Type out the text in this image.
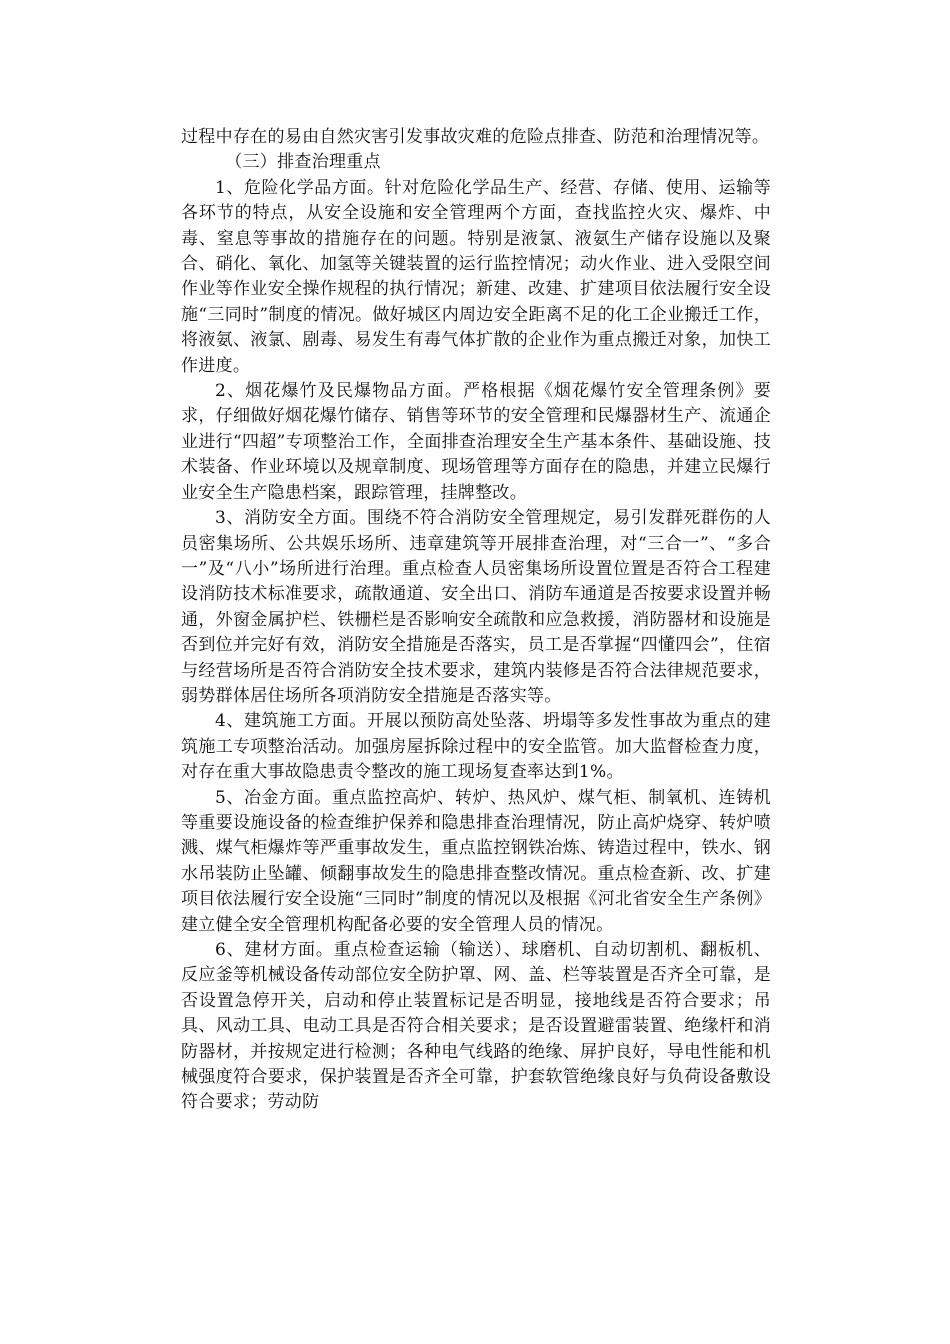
过程中存在的易由自然灾害引发事故灾难的危险点排查、防范和治理情况等。

（三）排查治理重点

1、危险化学品方面。针对危险化学品生产、经营、存储、使用、运输等各环节的特点，从安全设施和安全管理两个方面，查找监控火灾、爆炸、中毒、窒息等事故的措施存在的问题。特别是液氯、液氨生产储存设施以及聚合、硝化、氧化、加氢等关键装置的运行监控情况；动火作业、进入受限空间作业等作业安全操作规程的执行情况；新建、改建、扩建项目依法履行安全设施“三同时”制度的情况。做好城区内周边安全距离不足的化工企业搬迁工作，将液氨、液氯、剧毒、易发生有毒气体扩散的企业作为重点搬迁对象，加快工作进度。

2、烟花爆竹及民爆物品方面。严格根据《烟花爆竹安全管理条例》要求，仔细做好烟花爆竹储存、销售等环节的安全管理和民爆器材生产、流通企业进行“四超”专项整治工作，全面排查治理安全生产基本条件、基础设施、技术装备、作业环境以及规章制度、现场管理等方面存在的隐患，并建立民爆行业安全生产隐患档案，跟踪管理，挂牌整改。

3、消防安全方面。围绕不符合消防安全管理规定，易引发群死群伤的人员密集场所、公共娱乐场所、违章建筑等开展排查治理，对“三合一”、“多合一”及“八小”场所进行治理。重点检查人员密集场所设置位置是否符合工程建设消防技术标准要求，疏散通道、安全出口、消防车通道是否按要求设置并畅通，外窗金属护栏、铁栅栏是否影响安全疏散和应急救援，消防器材和设施是否到位并完好有效，消防安全措施是否落实，员工是否掌握“四懂四会”，住宿与经营场所是否符合消防安全技术要求，建筑内装修是否符合法律规范要求，弱势群体居住场所各项消防安全措施是否落实等。

4、建筑施工方面。开展以预防高处坠落、坍塌等多发性事故为重点的建筑施工专项整治活动。加强房屋拆除过程中的安全监管。加大监督检查力度，对存在重大事故隐患责令整改的施工现场复查率达到1%。

5、冶金方面。重点监控高炉、转炉、热风炉、煤气柜、制氧机、连铸机等重要设施设备的检查维护保养和隐患排查治理情况，防止高炉烧穿、转炉喷溅、煤气柜爆炸等严重事故发生，重点监控钢铁冶炼、铸造过程中，铁水、钢水吊装防止坠罐、倾翻事故发生的隐患排查整改情况。重点检查新、改、扩建项目依法履行安全设施“三同时”制度的情况以及根据《河北省安全生产条例》建立健全安全管理机构配备必要的安全管理人员的情况。

6、建材方面。重点检查运输（输送）、球磨机、自动切割机、翻板机、反应釜等机械设备传动部位安全防护罩、网、盖、栏等装置是否齐全可靠，是否设置急停开关，启动和停止装置标记是否明显，接地线是否符合要求；吊具、风动工具、电动工具是否符合相关要求；是否设置避雷装置、绝缘杆和消防器材，并按规定进行检测；各种电气线路的绝缘、屏护良好，导电性能和机械强度符合要求，保护装置是否齐全可靠，护套软管绝缘良好与负荷设备敷设符合要求；劳动防
